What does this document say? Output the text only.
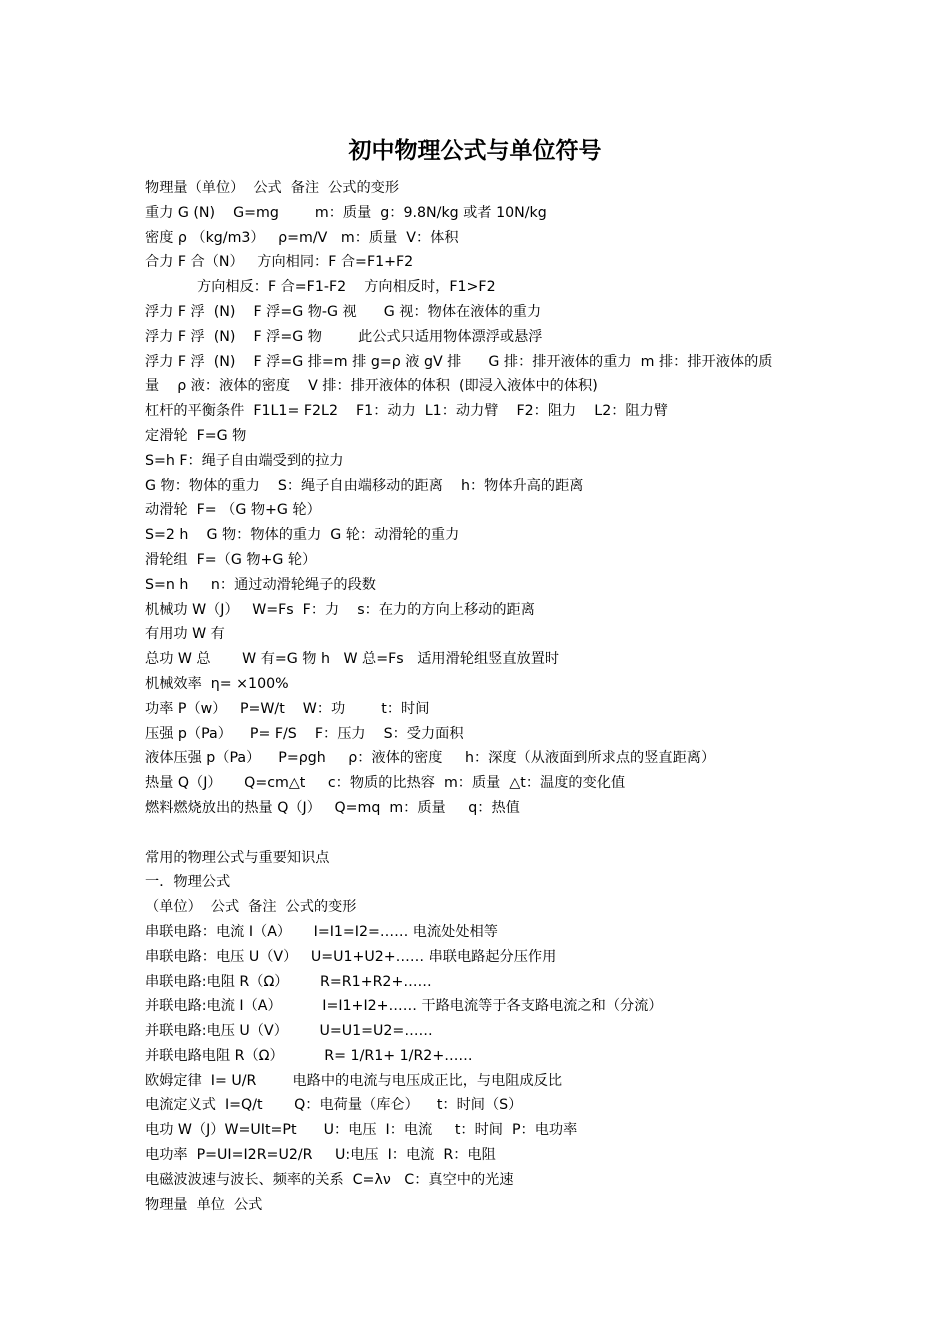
初中物理公式与单位符号
物理量（单位）  公式  备注  公式的变形
重力 G (N)    G=mg        m：质量  g：9.8N/kg 或者 10N/kg
密度 ρ （kg/m3）   ρ=m/V   m：质量  V：体积
合力 F 合（N）   方向相同：F 合=F1+F2
方向相反：F 合=F1-F2    方向相反时，F1>F2
浮力 F 浮  (N)    F 浮=G 物-G 视      G 视：物体在液体的重力
浮力 F 浮  (N)    F 浮=G 物        此公式只适用物体漂浮或悬浮
浮力 F 浮  (N)    F 浮=G 排=m 排 g=ρ 液 gV 排      G 排：排开液体的重力  m 排：排开液体的质
量    ρ 液：液体的密度    V 排：排开液体的体积  (即浸入液体中的体积)
杠杆的平衡条件  F1L1= F2L2    F1：动力  L1：动力臂    F2：阻力    L2：阻力臂
定滑轮  F=G 物
S=h F：绳子自由端受到的拉力
G 物：物体的重力    S：绳子自由端移动的距离    h：物体升高的距离
动滑轮  F= （G 物+G 轮）
S=2 h    G 物：物体的重力  G 轮：动滑轮的重力
滑轮组  F=（G 物+G 轮）
S=n h     n：通过动滑轮绳子的段数
机械功 W（J）   W=Fs  F：力    s：在力的方向上移动的距离
有用功 W 有
总功 W 总       W 有=G 物 h   W 总=Fs   适用滑轮组竖直放置时
机械效率  η= ×100%
功率 P（w）   P=W/t    W：功        t：时间
压强 p（Pa）    P= F/S    F：压力    S：受力面积
液体压强 p（Pa）    P=ρgh     ρ：液体的密度     h：深度（从液面到所求点的竖直距离）
热量 Q（J）     Q=cm△t     c：物质的比热容  m：质量  △t：温度的变化值
燃料燃烧放出的热量 Q（J）   Q=mq  m：质量     q：热值
常用的物理公式与重要知识点
一．物理公式
（单位）  公式  备注  公式的变形
串联电路：电流 I（A）     I=I1=I2=…… 电流处处相等
串联电路：电压 U（V）   U=U1+U2+…… 串联电路起分压作用
串联电路:电阻 R（Ω）       R=R1+R2+……
并联电路:电流 I（A）         I=I1+I2+…… 干路电流等于各支路电流之和（分流）
并联电路:电压 U（V）       U=U1=U2=……
并联电路电阻 R（Ω）         R= 1/R1+ 1/R2+……
欧姆定律  I= U/R        电路中的电流与电压成正比，与电阻成反比
电流定义式  I=Q/t       Q：电荷量（库仑）    t：时间（S）
电功 W（J）W=UIt=Pt      U：电压  I：电流     t：时间  P：电功率
电功率  P=UI=I2R=U2/R     U:电压  I：电流  R：电阻
电磁波波速与波长、频率的关系  C=λν   C：真空中的光速
物理量  单位  公式
